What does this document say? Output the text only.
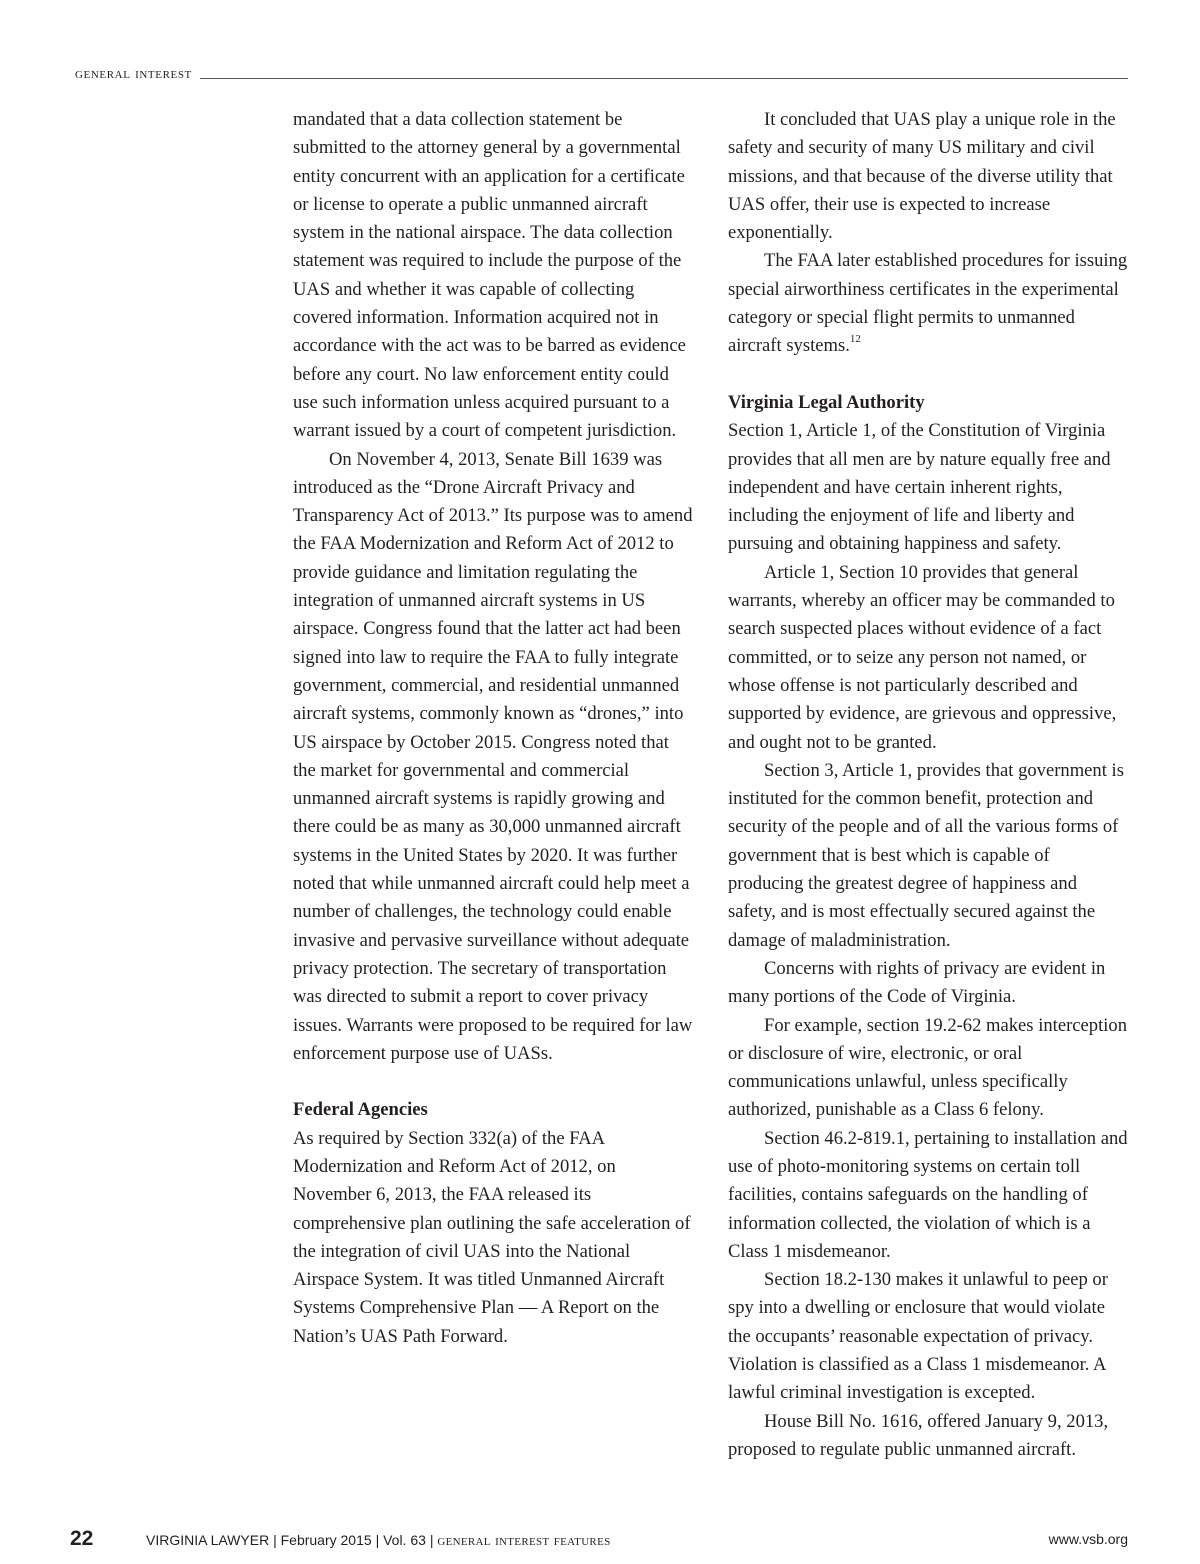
general interest

mandated that a data collection statement be submitted to the attorney general by a governmental entity concurrent with an application for a certificate or license to operate a public unmanned aircraft system in the national airspace. The data collection statement was required to include the purpose of the UAS and whether it was capable of collecting covered information. Information acquired not in accordance with the act was to be barred as evidence before any court. No law enforcement entity could use such information unless acquired pursuant to a warrant issued by a court of competent jurisdiction.

On November 4, 2013, Senate Bill 1639 was introduced as the “Drone Aircraft Privacy and Transparency Act of 2013.” Its purpose was to amend the FAA Modernization and Reform Act of 2012 to provide guidance and limitation regulating the integration of unmanned aircraft systems in US airspace. Congress found that the latter act had been signed into law to require the FAA to fully integrate government, commercial, and residential unmanned aircraft systems, commonly known as “drones,” into US airspace by October 2015. Congress noted that the market for governmental and commercial unmanned aircraft systems is rapidly growing and there could be as many as 30,000 unmanned aircraft systems in the United States by 2020. It was further noted that while unmanned aircraft could help meet a number of challenges, the technology could enable invasive and pervasive surveillance without adequate privacy protection. The secretary of transportation was directed to submit a report to cover privacy issues. Warrants were proposed to be required for law enforcement purpose use of UASs.

Federal Agencies

As required by Section 332(a) of the FAA Modernization and Reform Act of 2012, on November 6, 2013, the FAA released its comprehensive plan outlining the safe acceleration of the integration of civil UAS into the National Airspace System. It was titled Unmanned Aircraft Systems Comprehensive Plan — A Report on the Nation’s UAS Path Forward.

It concluded that UAS play a unique role in the safety and security of many US military and civil missions, and that because of the diverse utility that UAS offer, their use is expected to increase exponentially.

The FAA later established procedures for issuing special airworthiness certificates in the experimental category or special flight permits to unmanned aircraft systems.$^{12}$

Virginia Legal Authority

Section 1, Article 1, of the Constitution of Virginia provides that all men are by nature equally free and independent and have certain inherent rights, including the enjoyment of life and liberty and pursuing and obtaining happiness and safety.

Article 1, Section 10 provides that general warrants, whereby an officer may be commanded to search suspected places without evidence of a fact committed, or to seize any person not named, or whose offense is not particularly described and supported by evidence, are grievous and oppressive, and ought not to be granted.

Section 3, Article 1, provides that government is instituted for the common benefit, protection and security of the people and of all the various forms of government that is best which is capable of producing the greatest degree of happiness and safety, and is most effectually secured against the damage of maladministration.

Concerns with rights of privacy are evident in many portions of the Code of Virginia.

For example, section 19.2-62 makes interception or disclosure of wire, electronic, or oral communications unlawful, unless specifically authorized, punishable as a Class 6 felony.

Section 46.2-819.1, pertaining to installation and use of photo-monitoring systems on certain toll facilities, contains safeguards on the handling of information collected, the violation of which is a Class 1 misdemeanor.

Section 18.2-130 makes it unlawful to peep or spy into a dwelling or enclosure that would violate the occupants’ reasonable expectation of privacy. Violation is classified as a Class 1 misdemeanor. A lawful criminal investigation is excepted.

House Bill No. 1616, offered January 9, 2013, proposed to regulate public unmanned aircraft.

22	VIRGINIA LAWYER | February 2015 | Vol. 63 | general interest features	www.vsb.org
